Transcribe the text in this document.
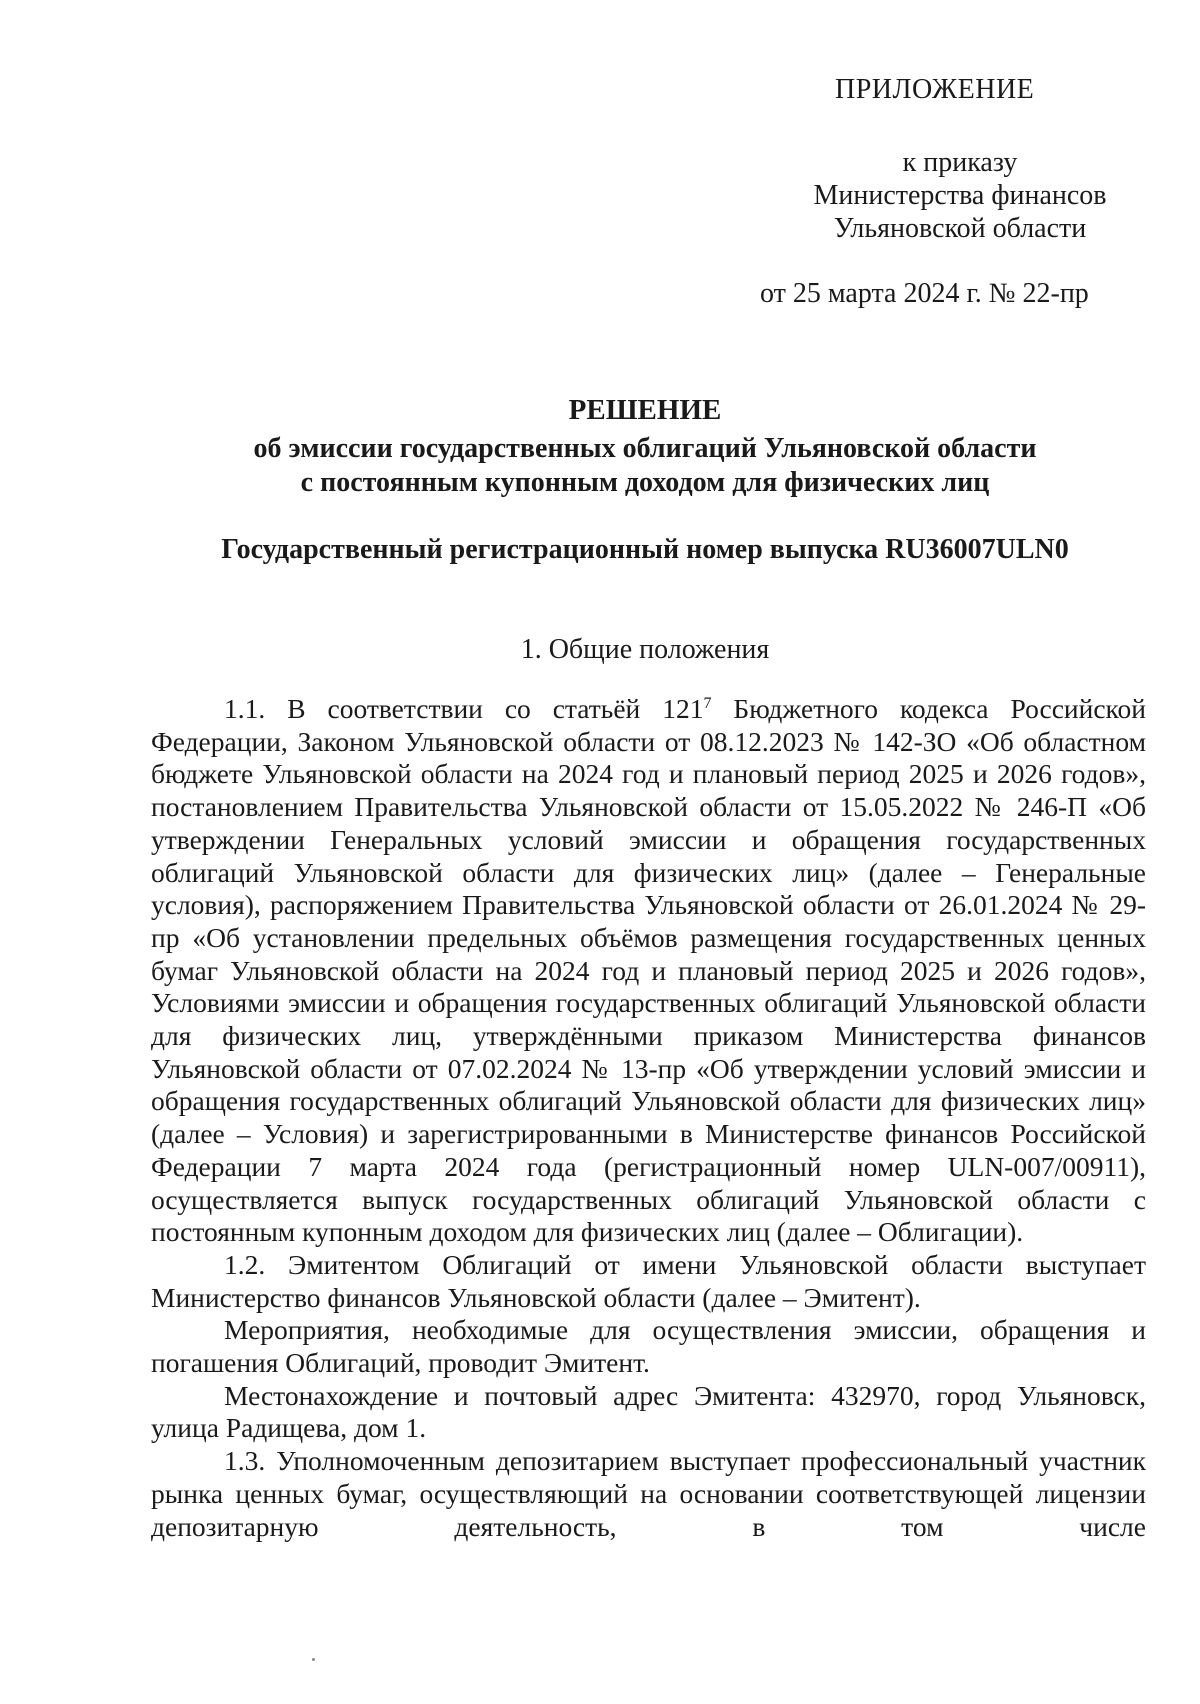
ПРИЛОЖЕНИЕ

к приказу
Министерства финансов
Ульяновской области

от 25 марта 2024 г. № 22-пр

РЕШЕНИЕ

об эмиссии государственных облигаций Ульяновской области
с постоянным купонным доходом для физических лиц

Государственный регистрационный номер выпуска RU36007ULN0

1. Общие положения

1.1. В соответствии со статьёй $121^7$ Бюджетного кодекса Российской Федерации, Законом Ульяновской области от 08.12.2023 № 142-ЗО «Об областном бюджете Ульяновской области на 2024 год и плановый период 2025 и 2026 годов», постановлением Правительства Ульяновской области от 15.05.2022 № 246-П «Об утверждении Генеральных условий эмиссии и обращения государственных облигаций Ульяновской области для физических лиц» (далее – Генеральные условия), распоряжением Правительства Ульяновской области от 26.01.2024 № 29-пр «Об установлении предельных объёмов размещения государственных ценных бумаг Ульяновской области на 2024 год и плановый период 2025 и 2026 годов», Условиями эмиссии и обращения государственных облигаций Ульяновской области для физических лиц, утверждёнными приказом Министерства финансов Ульяновской области от 07.02.2024 № 13-пр «Об утверждении условий эмиссии и обращения государственных облигаций Ульяновской области для физических лиц» (далее – Условия) и зарегистрированными в Министерстве финансов Российской Федерации 7 марта 2024 года (регистрационный номер ULN-007/00911), осуществляется выпуск государственных облигаций Ульяновской области с постоянным купонным доходом для физических лиц (далее – Облигации).

1.2. Эмитентом Облигаций от имени Ульяновской области выступает Министерство финансов Ульяновской области (далее – Эмитент).

Мероприятия, необходимые для осуществления эмиссии, обращения и погашения Облигаций, проводит Эмитент.

Местонахождение и почтовый адрес Эмитента: 432970, город Ульяновск, улица Радищева, дом 1.

1.3. Уполномоченным депозитарием выступает профессиональный участник рынка ценных бумаг, осуществляющий на основании соответствующей лицензии депозитарную деятельность, в том числе
